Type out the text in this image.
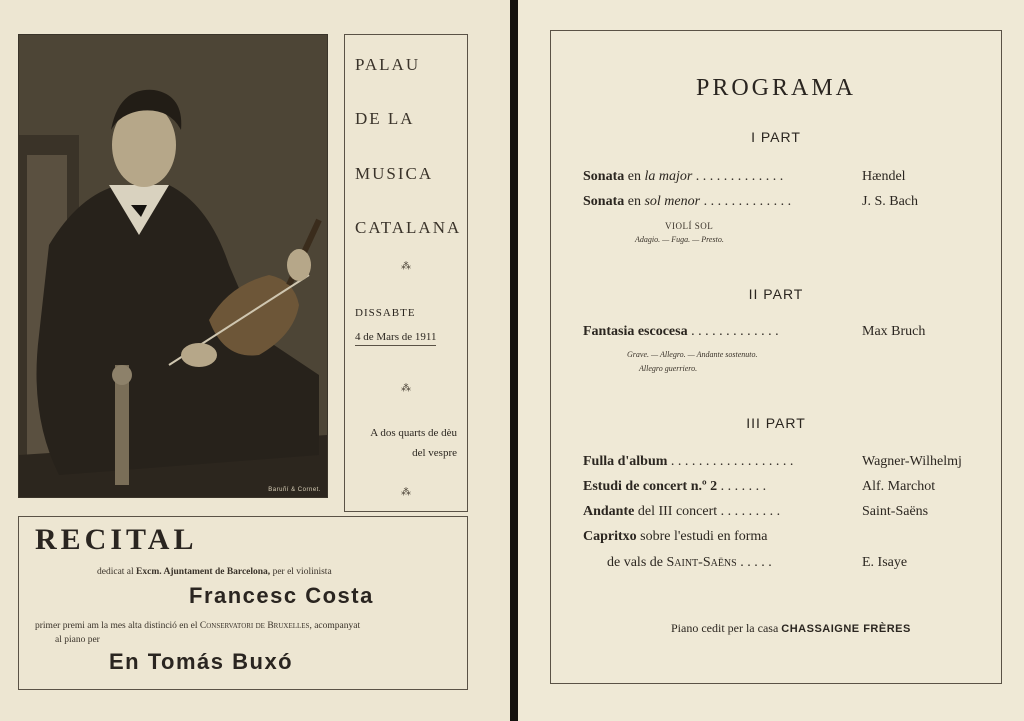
Baruñí & Cornet.
PALAU
DE LA
MUSICA
CATALANA
⁂
DISSABTE
4 de Mars de 1911
⁂
A dos quarts de dèu
del vespre
⁂
RECITAL
dedicat al Excm. Ajuntament de Barcelona, per el violinista
Francesc Costa
primer premi am la mes alta distinció en el Conservatori de Bruxelles, acompanyat
al piano per
En Tomás Buxó
PROGRAMA
I PART
Sonata en la major . . . . . . . . . . . . .	Hændel
Sonata en sol menor . . . . . . . . . . . . .	J. S. Bach
VIOLÍ SOL
Adagio. — Fuga. — Presto.
II PART
Fantasia escocesa . . . . . . . . . . . . .	Max Bruch
Grave. — Allegro. — Andante sostenuto.
Allegro guerriero.
III PART
Fulla d'album . . . . . . . . . . . . . . . . . .	Wagner-Wilhelmj
Estudi de concert n.º 2 . . . . . . .	Alf. Marchot
Andante del III concert . . . . . . . . .	Saint-Saëns
Capritxo sobre l'estudi en forma
de vals de Saint-Saëns . . . . .	E. Isaye
Piano cedit per la casa CHASSAIGNE FRÈRES
